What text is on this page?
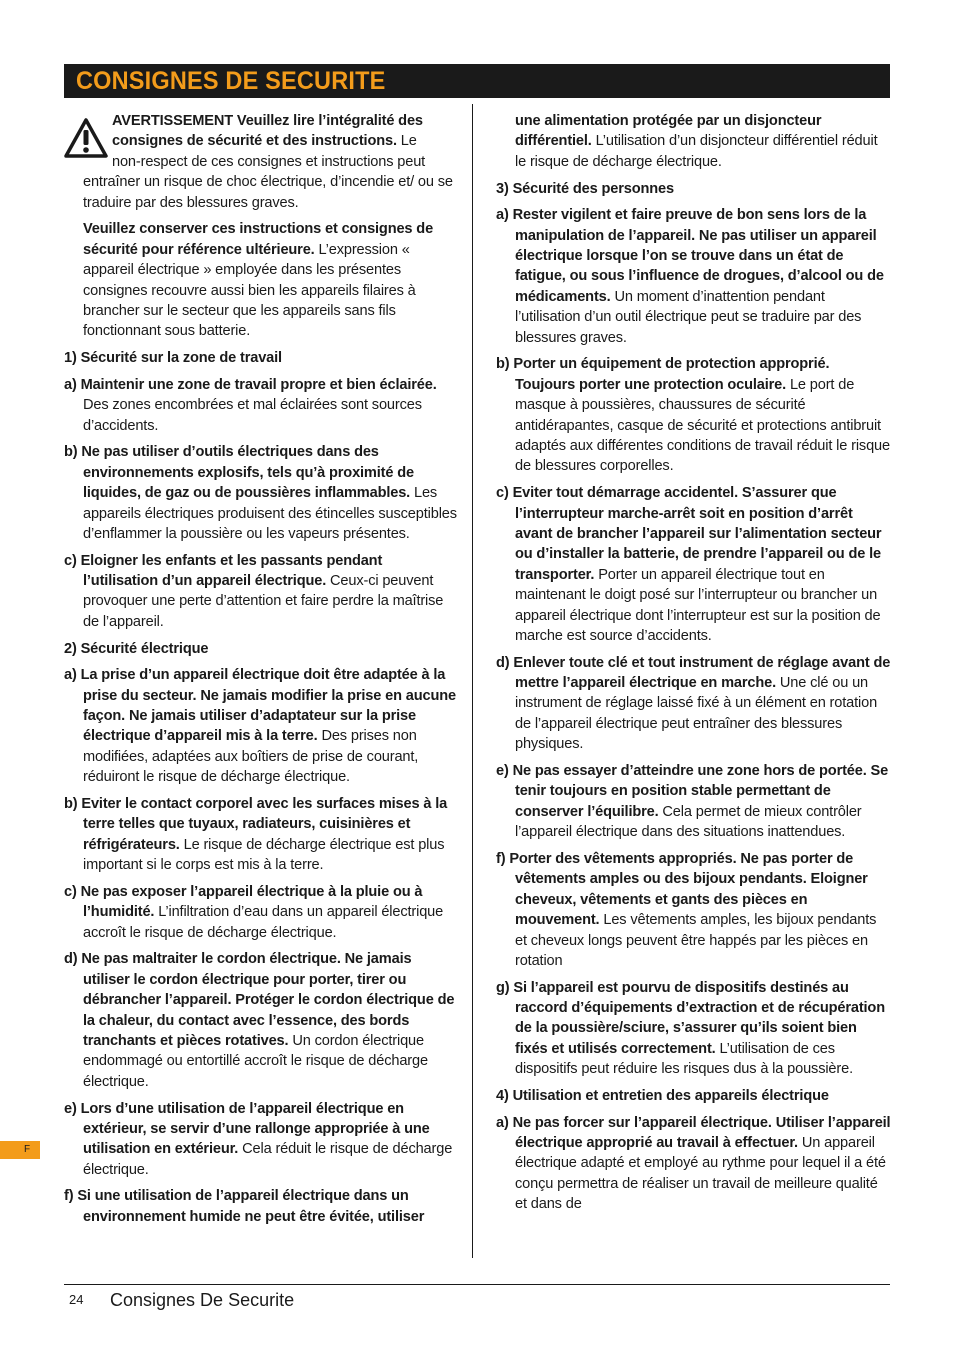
CONSIGNES DE SECURITE

AVERTISSEMENT Veuillez lire l’intégralité des
consignes de sécurité et des instructions. Le
non-respect de ces consignes et instructions peut

entraîner un risque de choc électrique, d’incendie et/ ou se traduire par des blessures graves.

Veuillez conserver ces instructions et consignes de sécurité pour référence ultérieure. L’expression « appareil électrique » employée dans les présentes consignes recouvre aussi bien les appareils filaires à brancher sur le secteur que les appareils sans fils fonctionnant sous batterie.

1) Sécurité sur la zone de travail

a) Maintenir une zone de travail propre et bien éclairée. Des zones encombrées et mal éclairées sont sources d’accidents.

b) Ne pas utiliser d’outils électriques dans des environnements explosifs, tels qu’à proximité de liquides, de gaz ou de poussières inflammables. Les appareils électriques produisent des étincelles susceptibles d’enflammer la poussière ou les vapeurs présentes.

c) Eloigner les enfants et les passants pendant l’utilisation d’un appareil électrique. Ceux-ci peuvent provoquer une perte d’attention et faire perdre la maîtrise de l’appareil.

2) Sécurité électrique

a) La prise d’un appareil électrique doit être adaptée à la prise du secteur. Ne jamais modifier la prise en aucune façon. Ne jamais utiliser d’adaptateur sur la prise électrique d’appareil mis à la terre. Des prises non modifiées, adaptées aux boîtiers de prise de courant, réduiront le risque de décharge électrique.

b) Eviter le contact corporel avec les surfaces mises à la terre telles que tuyaux, radiateurs, cuisinières et réfrigérateurs. Le risque de décharge électrique est plus important si le corps est mis à la terre.

c) Ne pas exposer l’appareil électrique à la pluie ou à l’humidité. L’infiltration d’eau dans un appareil électrique accroît le risque de décharge électrique.

d) Ne pas maltraiter le cordon électrique. Ne jamais utiliser le cordon électrique pour porter, tirer ou débrancher l’appareil. Protéger le cordon électrique de la chaleur, du contact avec l’essence, des bords tranchants et pièces rotatives. Un cordon électrique endommagé ou entortillé accroît le risque de décharge électrique.

e) Lors d’une utilisation de l’appareil électrique en extérieur, se servir d’une rallonge appropriée à une utilisation en extérieur. Cela réduit le risque de décharge électrique.

f) Si une utilisation de l’appareil électrique dans un environnement humide ne peut être évitée, utiliser

une alimentation protégée par un disjoncteur différentiel. L’utilisation d’un disjoncteur différentiel réduit le risque de décharge électrique.

3) Sécurité des personnes

a) Rester vigilent et faire preuve de bon sens lors de la manipulation de l’appareil. Ne pas utiliser un appareil électrique lorsque l’on se trouve dans un état de fatigue, ou sous l’influence de drogues, d’alcool ou de médicaments. Un moment d’inattention pendant l’utilisation d’un outil électrique peut se traduire par des blessures graves.

b) Porter un équipement de protection approprié. Toujours porter une protection oculaire. Le port de masque à poussières, chaussures de sécurité antidérapantes, casque de sécurité et protections antibruit adaptés aux différentes conditions de travail réduit le risque de blessures corporelles.

c) Eviter tout démarrage accidentel. S’assurer que l’interrupteur marche-arrêt soit en position d’arrêt avant de brancher l’appareil sur l’alimentation secteur ou d’installer la batterie, de prendre l’appareil ou de le transporter. Porter un appareil électrique tout en maintenant le doigt posé sur l’interrupteur ou brancher un appareil électrique dont l’interrupteur est sur la position de marche est source d’accidents.

d) Enlever toute clé et tout instrument de réglage avant de mettre l’appareil électrique en marche. Une clé ou un instrument de réglage laissé fixé à un élément en rotation de l’appareil électrique peut entraîner des blessures physiques.

e) Ne pas essayer d’atteindre une zone hors de portée. Se tenir toujours en position stable permettant de conserver l’équilibre. Cela permet de mieux contrôler l’appareil électrique dans des situations inattendues.

f) Porter des vêtements appropriés. Ne pas porter de vêtements amples ou des bijoux pendants. Eloigner cheveux, vêtements et gants des pièces en mouvement. Les vêtements amples, les bijoux pendants et cheveux longs peuvent être happés par les pièces en rotation

g) Si l’appareil est pourvu de dispositifs destinés au raccord d’équipements d’extraction et de récupération de la poussière/sciure, s’assurer qu’ils soient bien fixés et utilisés correctement. L’utilisation de ces dispositifs peut réduire les risques dus à la poussière.

4) Utilisation et entretien des appareils électrique

a) Ne pas forcer sur l’appareil électrique. Utiliser l’appareil électrique approprié au travail à effectuer. Un appareil électrique adapté et employé au rythme pour lequel il a été conçu permettra de réaliser un travail de meilleure qualité et dans de

F
24 Consignes De Securite
